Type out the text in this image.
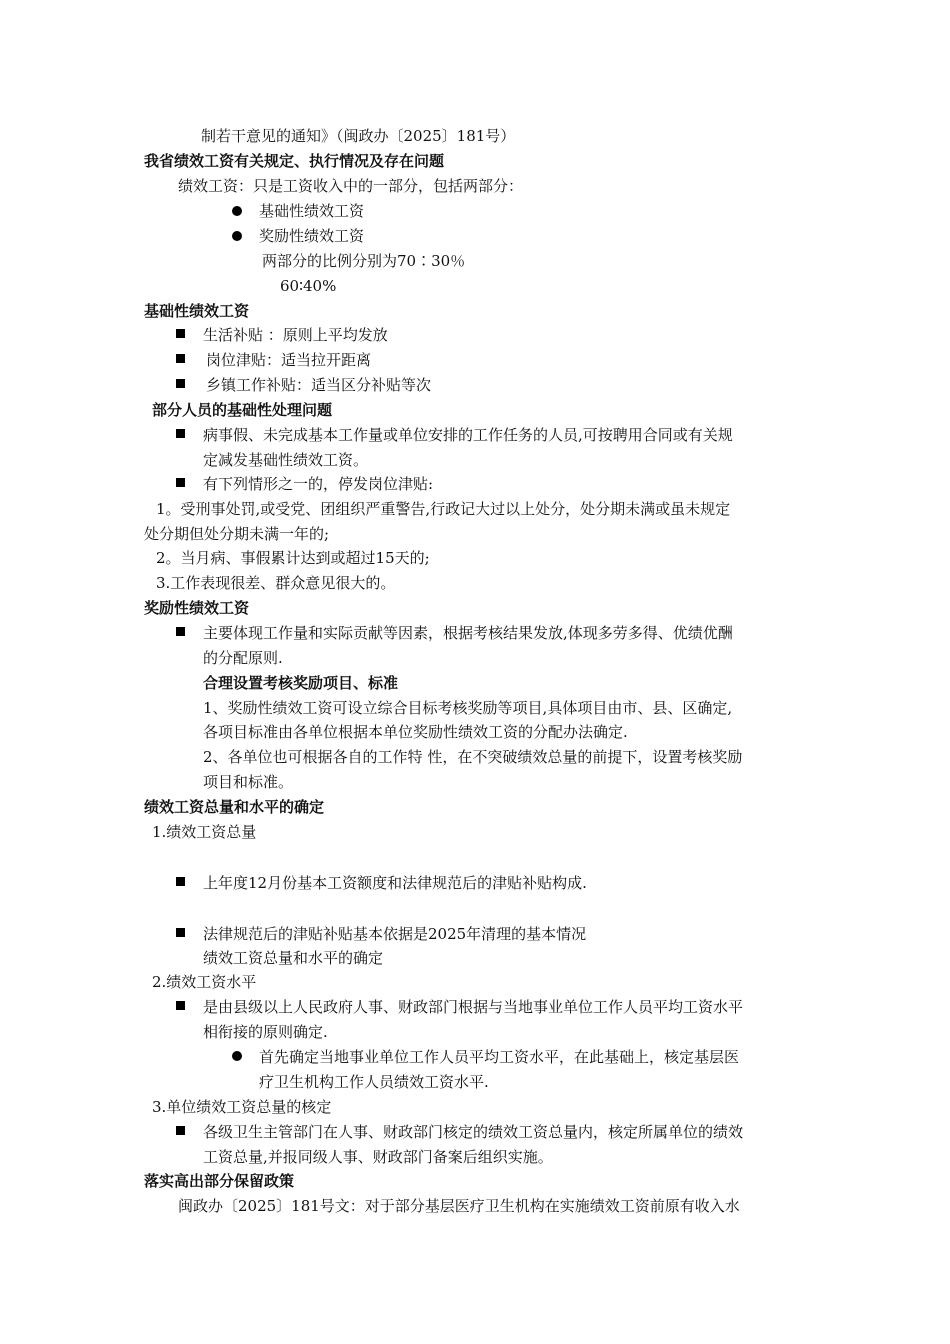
制若干意见的通知》（闽政办〔2025〕181号）
我省绩效工资有关规定、执行情况及存在问题
绩效工资：只是工资收入中的一部分，包括两部分：
基础性绩效工资
奖励性绩效工资
两部分的比例分别为70∶30％
60∶40%
基础性绩效工资
生活补贴 ：原则上平均发放
岗位津贴：适当拉开距离
乡镇工作补贴：适当区分补贴等次
部分人员的基础性处理问题
病事假、未完成基本工作量或单位安排的工作任务的人员,可按聘用合同或有关规
定减发基础性绩效工资。
有下列情形之一的，停发岗位津贴:
1。受刑事处罚,或受党、团组织严重警告,行政记大过以上处分，处分期未满或虽未规定
处分期但处分期未满一年的;
2。当月病、事假累计达到或超过15天的;
3.工作表现很差、群众意见很大的。
奖励性绩效工资
主要体现工作量和实际贡献等因素，根据考核结果发放,体现多劳多得、优绩优酬
的分配原则.
合理设置考核奖励项目、标准
1、奖励性绩效工资可设立综合目标考核奖励等项目,具体项目由市、县、区确定,
各项目标准由各单位根据本单位奖励性绩效工资的分配办法确定.
2、各单位也可根据各自的工作特 性，在不突破绩效总量的前提下，设置考核奖励
项目和标准。
绩效工资总量和水平的确定
1.绩效工资总量
上年度12月份基本工资额度和法律规范后的津贴补贴构成.
法律规范后的津贴补贴基本依据是2025年清理的基本情况
绩效工资总量和水平的确定
2.绩效工资水平
是由县级以上人民政府人事、财政部门根据与当地事业单位工作人员平均工资水平
相衔接的原则确定.
首先确定当地事业单位工作人员平均工资水平，在此基础上，核定基层医
疗卫生机构工作人员绩效工资水平.
3.单位绩效工资总量的核定
各级卫生主管部门在人事、财政部门核定的绩效工资总量内，核定所属单位的绩效
工资总量,并报同级人事、财政部门备案后组织实施。
落实高出部分保留政策
闽政办〔2025〕181号文：对于部分基层医疗卫生机构在实施绩效工资前原有收入水
